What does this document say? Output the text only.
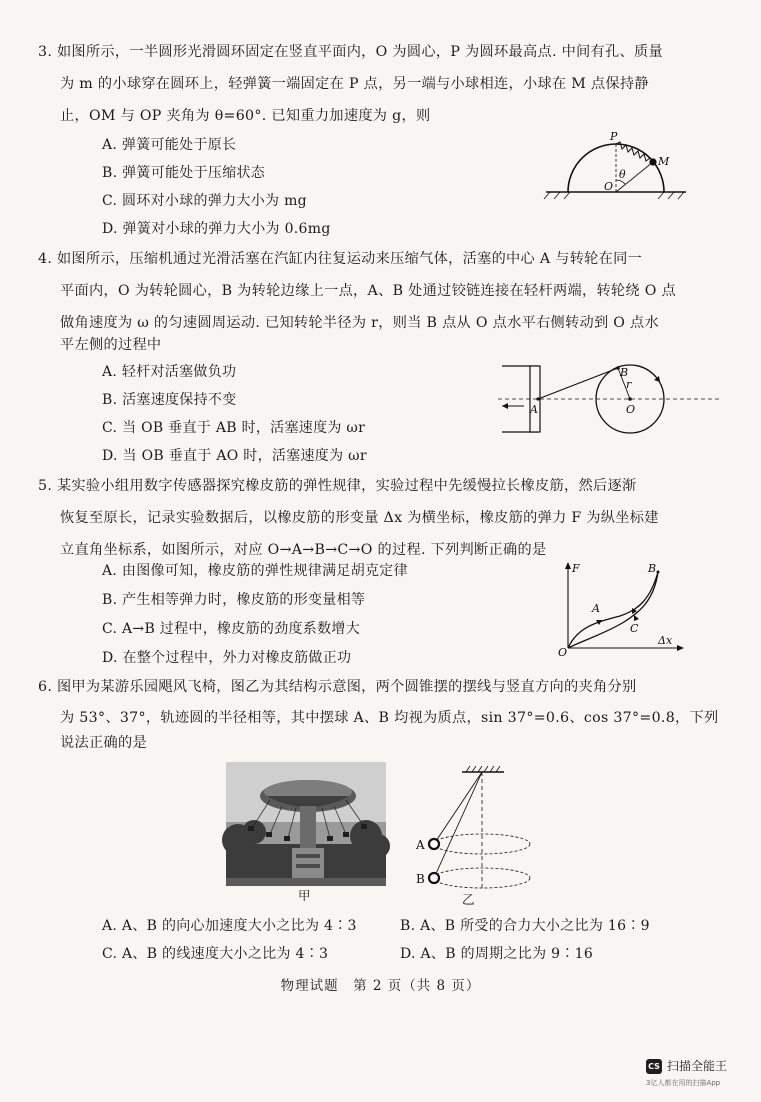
3. 如图所示，一半圆形光滑圆环固定在竖直平面内，O 为圆心，P 为圆环最高点. 中间有孔、质量
为 m 的小球穿在圆环上，轻弹簧一端固定在 P 点，另一端与小球相连，小球在 M 点保持静
止，OM 与 OP 夹角为 θ=60°. 已知重力加速度为 g，则
A. 弹簧可能处于原长
B. 弹簧可能处于压缩状态
C. 圆环对小球的弹力大小为 mg
D. 弹簧对小球的弹力大小为 0.6mg
P
M
O
θ
4. 如图所示，压缩机通过光滑活塞在汽缸内往复运动来压缩气体，活塞的中心 A 与转轮在同一
平面内，O 为转轮圆心，B 为转轮边缘上一点，A、B 处通过铰链连接在轻杆两端，转轮绕 O 点
做角速度为 ω 的匀速圆周运动. 已知转轮半径为 r，则当 B 点从 O 点水平右侧转动到 O 点水
平左侧的过程中
A. 轻杆对活塞做负功
B. 活塞速度保持不变
C. 当 OB 垂直于 AB 时，活塞速度为 ωr
D. 当 OB 垂直于 AO 时，活塞速度为 ωr
A
B
O
r
5. 某实验小组用数字传感器探究橡皮筋的弹性规律，实验过程中先缓慢拉长橡皮筋，然后逐渐
恢复至原长，记录实验数据后，以橡皮筋的形变量 Δx 为横坐标，橡皮筋的弹力 F 为纵坐标建
立直角坐标系，如图所示，对应 O→A→B→C→O 的过程. 下列判断正确的是
A. 由图像可知，橡皮筋的弹性规律满足胡克定律
B. 产生相等弹力时，橡皮筋的形变量相等
C. A→B 过程中，橡皮筋的劲度系数增大
D. 在整个过程中，外力对橡皮筋做正功
F
Δx
O
A
B
C
6. 图甲为某游乐园飓风飞椅，图乙为其结构示意图，两个圆锥摆的摆线与竖直方向的夹角分别
为 53°、37°，轨迹圆的半径相等，其中摆球 A、B 均视为质点，sin 37°=0.6、cos 37°=0.8，下列
说法正确的是
甲
A
B
乙
A. A、B 的向心加速度大小之比为 4∶3	B. A、B 所受的合力大小之比为 16∶9
C. A、B 的线速度大小之比为 4∶3	D. A、B 的周期之比为 9∶16
物理试题　第 2 页（共 8 页）
CS 扫描全能王
3亿人都在用的扫描App
